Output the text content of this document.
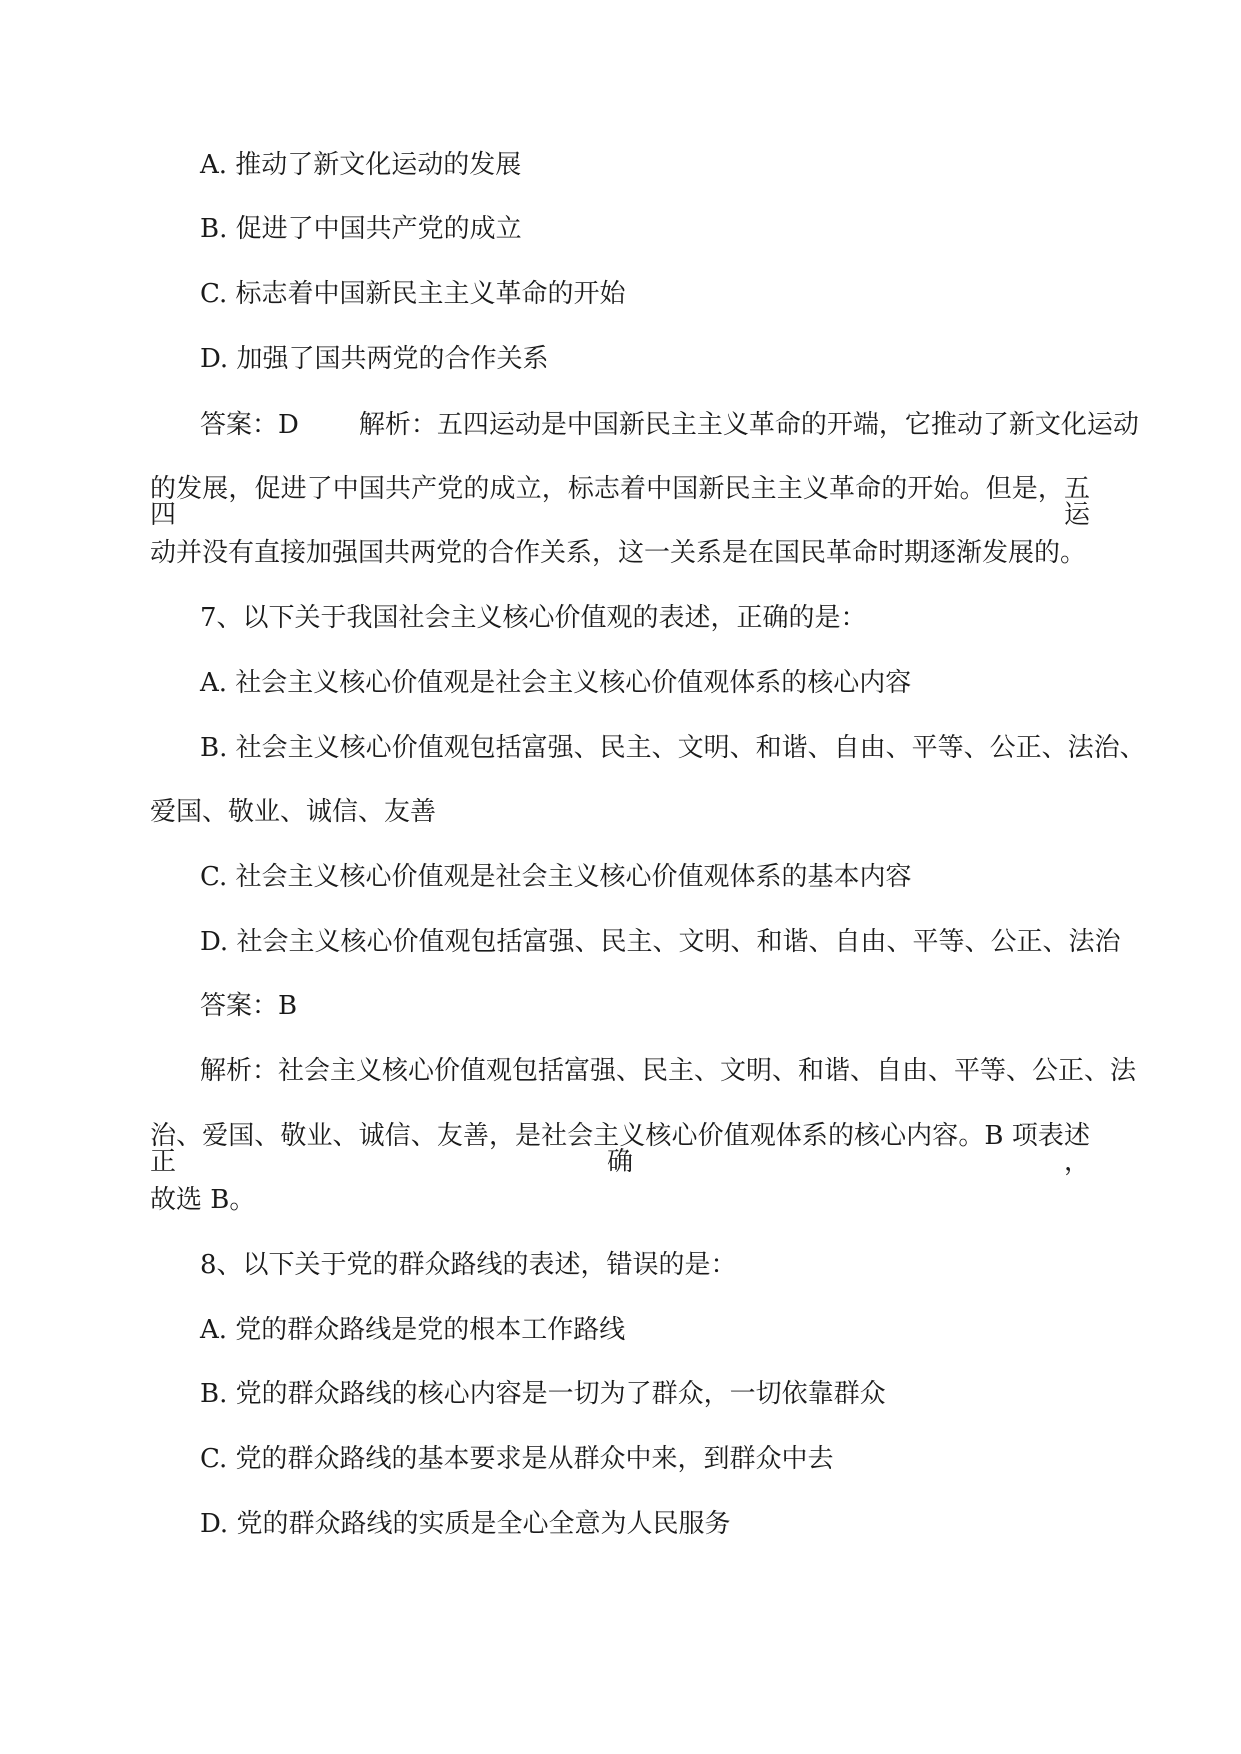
A. 推动了新文化运动的发展
B. 促进了中国共产党的成立
C. 标志着中国新民主主义革命的开始
D. 加强了国共两党的合作关系
答案：D 解析：五四运动是中国新民主主义革命的开端，它推动了新文化运动
的发展，促进了中国共产党的成立，标志着中国新民主主义革命的开始。但是，五四运
动并没有直接加强国共两党的合作关系，这一关系是在国民革命时期逐渐发展的。
7、以下关于我国社会主义核心价值观的表述，正确的是：
A. 社会主义核心价值观是社会主义核心价值观体系的核心内容
B. 社会主义核心价值观包括富强、民主、文明、和谐、自由、平等、公正、法治、
爱国、敬业、诚信、友善
C. 社会主义核心价值观是社会主义核心价值观体系的基本内容
D. 社会主义核心价值观包括富强、民主、文明、和谐、自由、平等、公正、法治
答案：B
解析：社会主义核心价值观包括富强、民主、文明、和谐、自由、平等、公正、法
治、爱国、敬业、诚信、友善，是社会主义核心价值观体系的核心内容。B 项表述正确，
故选 B。
8、以下关于党的群众路线的表述，错误的是：
A. 党的群众路线是党的根本工作路线
B. 党的群众路线的核心内容是一切为了群众，一切依靠群众
C. 党的群众路线的基本要求是从群众中来，到群众中去
D. 党的群众路线的实质是全心全意为人民服务
